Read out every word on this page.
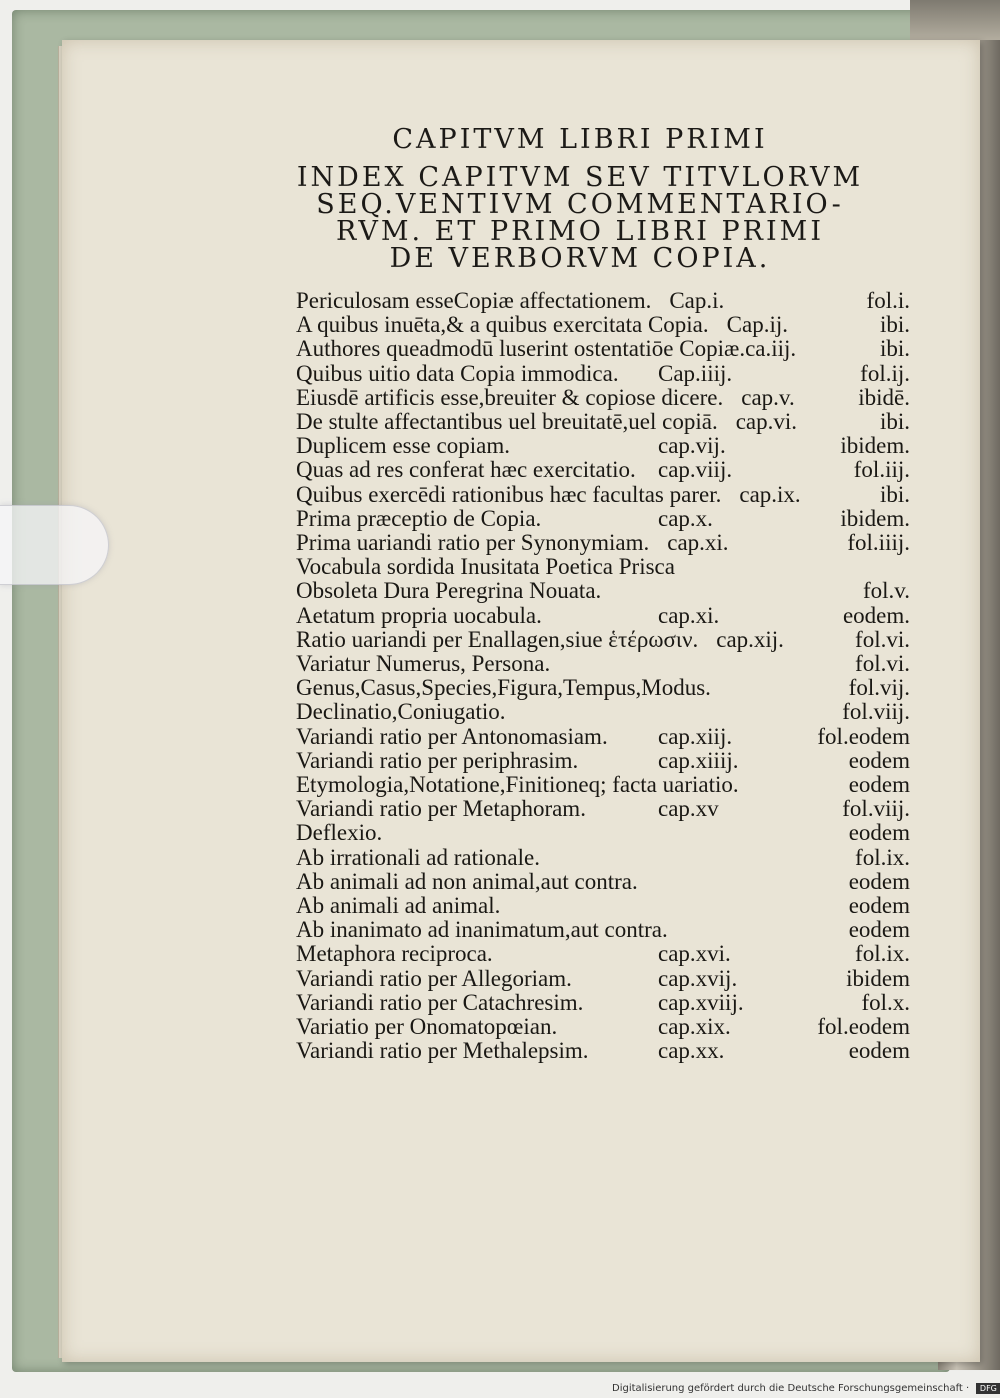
CAPITVM LIBRI PRIMI
INDEX CAPITVM SEV TITVLORVM
SEQ.VENTIVM COMMENTARIO-
RVM. ET PRIMO LIBRI PRIMI
DE VERBORVM COPIA.
Periculosam esseCopiæ affectationem. Cap.i.	fol.i.
A quibus inuēta,& a quibus exercitata Copia. Cap.ij.	ibi.
Authores queadmodū luserint ostentatiōe Copiæ.ca.iij.	ibi.
Quibus uitio data Copia immodica. Cap.iiij.	fol.ij.
Eiusdē artificis esse,breuiter & copiose dicere. cap.v.	ibidē.
De stulte affectantibus uel breuitatē,uel copiā. cap.vi.	ibi.
Duplicem esse copiam.	cap.vij.	ibidem.
Quas ad res conferat hæc exercitatio. cap.viij.	fol.iij.
Quibus exercēdi rationibus hæc facultas parer. cap.ix.	ibi.
Prima præceptio de Copia.	cap.x.	ibidem.
Prima uariandi ratio per Synonymiam. cap.xi.	fol.iiij.
Vocabula sordida Inusitata Poetica Prisca
Obsoleta Dura Peregrina Nouata.	fol.v.
Aetatum propria uocabula.	cap.xi.	eodem.
Ratio uariandi per Enallagen,siue ἑτέρωσιν. cap.xij.	fol.vi.
Variatur Numerus, Persona.	fol.vi.
Genus,Casus,Species,Figura,Tempus,Modus.	fol.vij.
Declinatio,Coniugatio.	fol.viij.
Variandi ratio per Antonomasiam. cap.xiij.	fol.eodem
Variandi ratio per periphrasim.	cap.xiiij.	eodem
Etymologia,Notatione,Finitioneq; facta uariatio.	eodem
Variandi ratio per Metaphoram.	cap.xv	fol.viij.
Deflexio.	eodem
Ab irrationali ad rationale.	fol.ix.
Ab animali ad non animal,aut contra.	eodem
Ab animali ad animal.	eodem
Ab inanimato ad inanimatum,aut contra.	eodem
Metaphora reciproca.	cap.xvi.	fol.ix.
Variandi ratio per Allegoriam.	cap.xvij.	ibidem
Variandi ratio per Catachresim.	cap.xviij.	fol.x.
Variatio per Onomatopœian.	cap.xix.	fol.eodem
Variandi ratio per Methalepsim.	cap.xx.	eodem
Digitalisierung gefördert durch die Deutsche Forschungsgemeinschaft · DFG
